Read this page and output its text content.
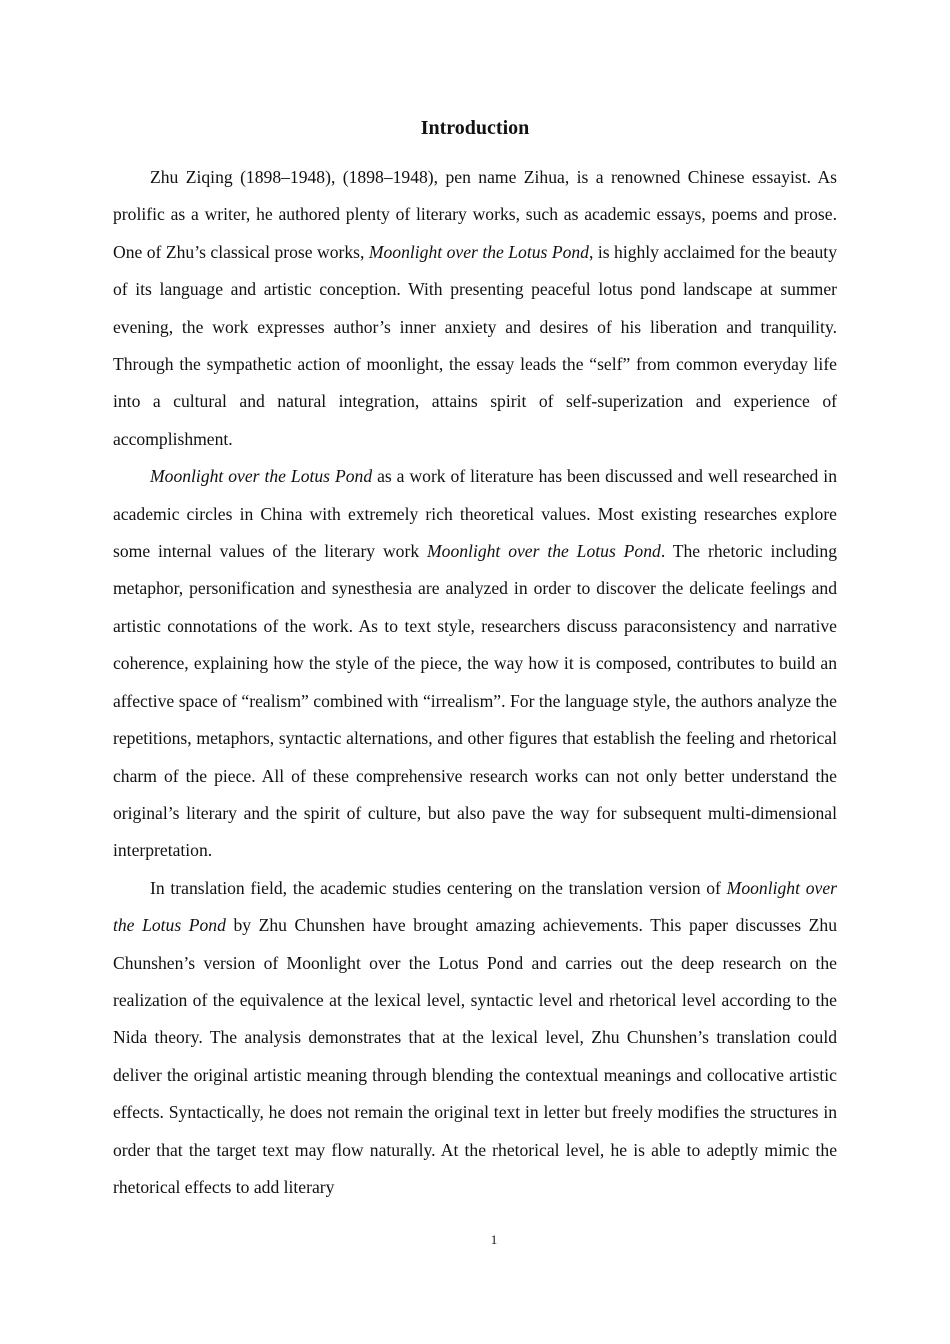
Introduction

Zhu Ziqing (1898–1948), (1898–1948), pen name Zihua, is a renowned Chinese essayist. As prolific as a writer, he authored plenty of literary works, such as academic essays, poems and prose. One of Zhu’s classical prose works, Moonlight over the Lotus Pond, is highly acclaimed for the beauty of its language and artistic conception. With presenting peaceful lotus pond landscape at summer evening, the work expresses author’s inner anxiety and desires of his liberation and tranquility. Through the sympathetic action of moonlight, the essay leads the “self” from common everyday life into a cultural and natural integration, attains spirit of self-superization and experience of accomplishment.

Moonlight over the Lotus Pond as a work of literature has been discussed and well researched in academic circles in China with extremely rich theoretical values. Most existing researches explore some internal values of the literary work Moonlight over the Lotus Pond. The rhetoric including metaphor, personification and synesthesia are analyzed in order to discover the delicate feelings and artistic connotations of the work. As to text style, researchers discuss paraconsistency and narrative coherence, explaining how the style of the piece, the way how it is composed, contributes to build an affective space of “realism” combined with “irrealism”. For the language style, the authors analyze the repetitions, metaphors, syntactic alternations, and other figures that establish the feeling and rhetorical charm of the piece. All of these comprehensive research works can not only better understand the original’s literary and the spirit of culture, but also pave the way for subsequent multi-dimensional interpretation.

In translation field, the academic studies centering on the translation version of Moonlight over the Lotus Pond by Zhu Chunshen have brought amazing achievements. This paper discusses Zhu Chunshen’s version of Moonlight over the Lotus Pond and carries out the deep research on the realization of the equivalence at the lexical level, syntactic level and rhetorical level according to the Nida theory. The analysis demonstrates that at the lexical level, Zhu Chunshen’s translation could deliver the original artistic meaning through blending the contextual meanings and collocative artistic effects. Syntactically, he does not remain the original text in letter but freely modifies the structures in order that the target text may flow naturally. At the rhetorical level, he is able to adeptly mimic the rhetorical effects to add literary

1
